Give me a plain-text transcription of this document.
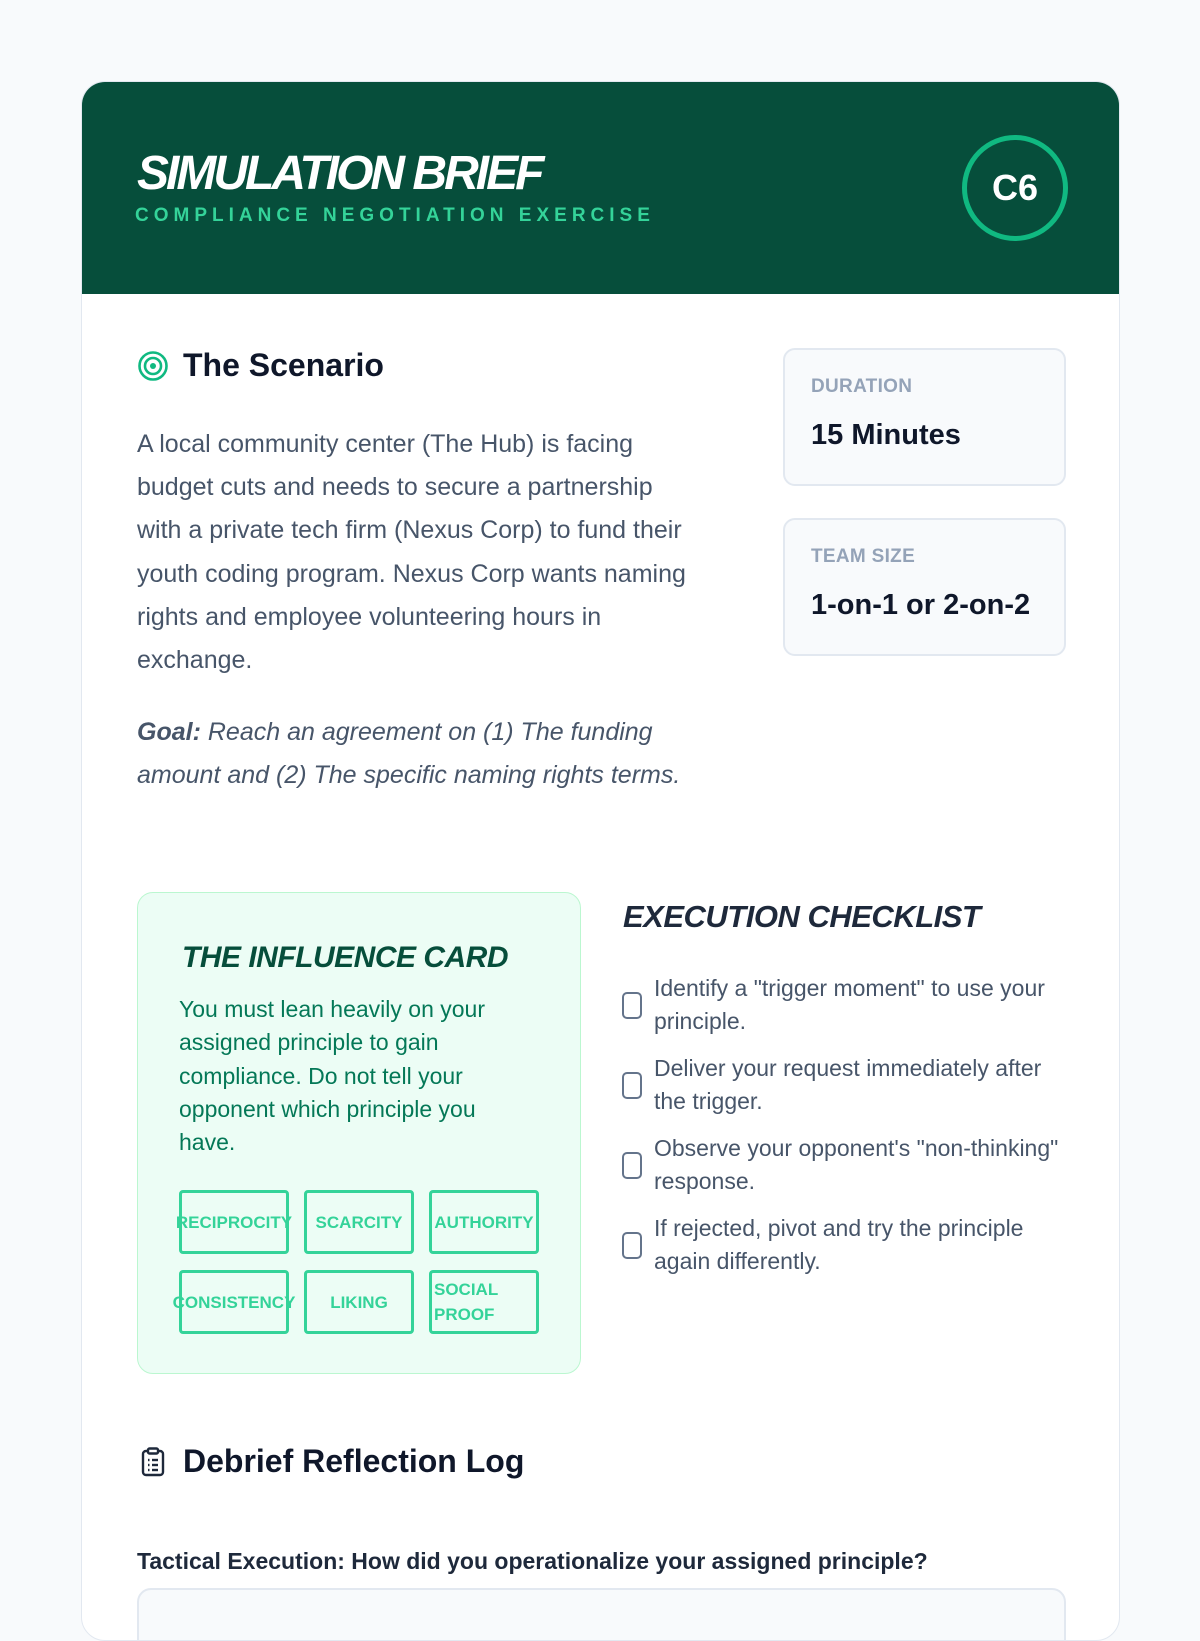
SIMULATION BRIEF
COMPLIANCE NEGOTIATION EXERCISE
C6
The Scenario

A local community center (The Hub) is facing budget cuts and needs to secure a partnership with a private tech firm (Nexus Corp) to fund their youth coding program. Nexus Corp wants naming rights and employee volunteering hours in exchange.

Goal: Reach an agreement on (1) The funding amount and (2) The specific naming rights terms.

DURATION
15 Minutes
TEAM SIZE
1-on-1 or 2-on-2
THE INFLUENCE CARD

You must lean heavily on your assigned principle to gain compliance. Do not tell your opponent which principle you have.

RECIPROCITY	SCARCITY	AUTHORITY
CONSISTENCY	LIKING
SOCIAL PROOF
EXECUTION CHECKLIST
Identify a "trigger moment" to use your principle.
Deliver your request immediately after the trigger.
Observe your opponent's "non-thinking" response.
If rejected, pivot and try the principle again differently.
Debrief Reflection Log
Tactical Execution: How did you operationalize your assigned principle?
